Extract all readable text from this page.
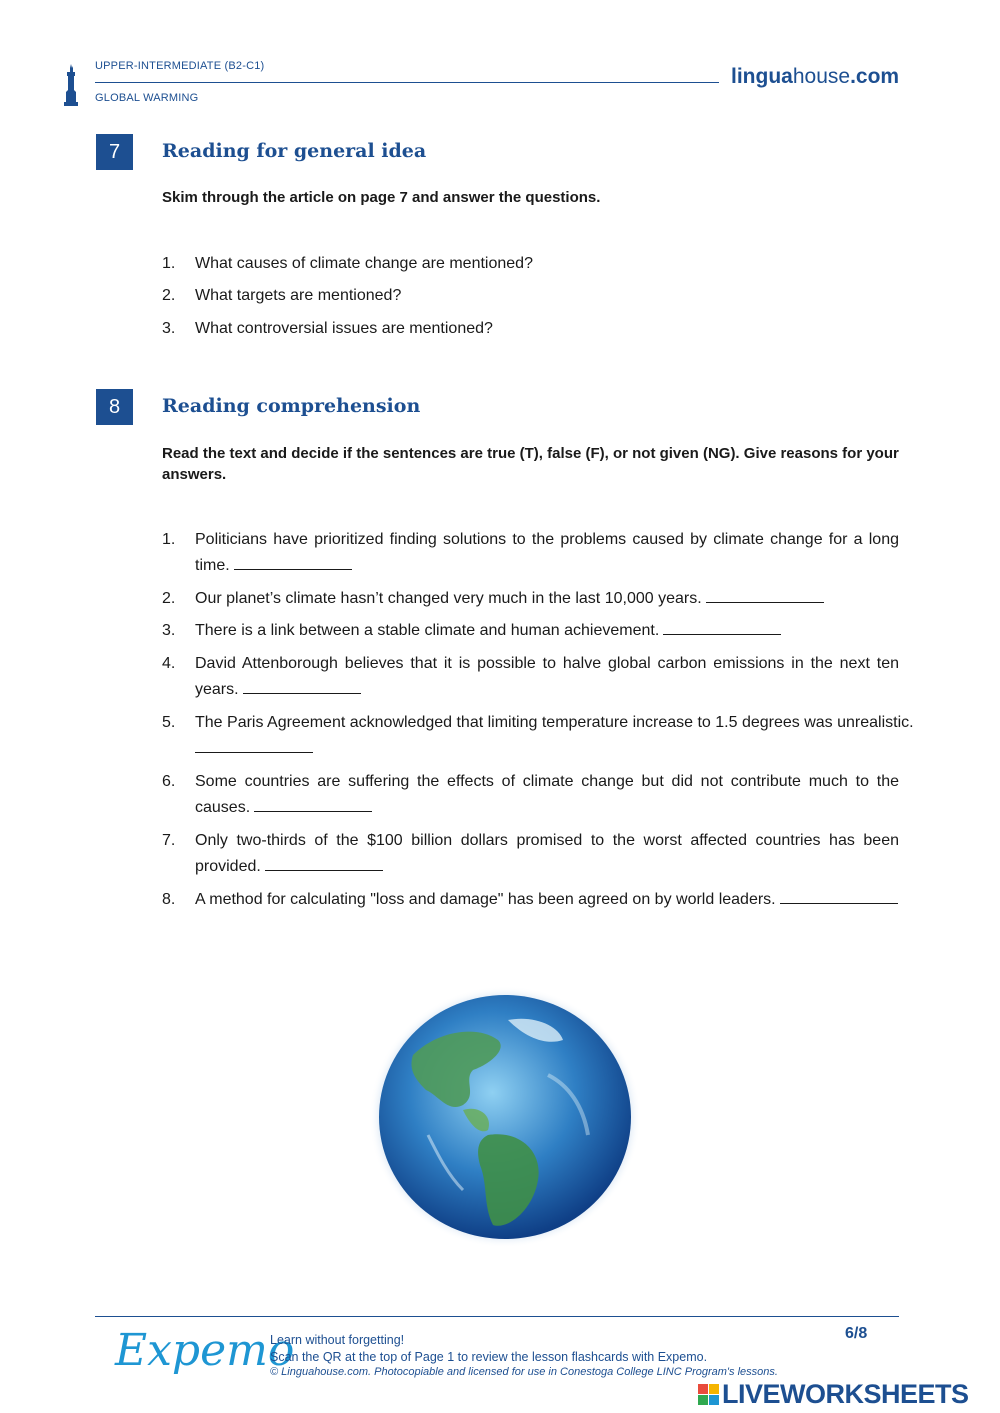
UPPER-INTERMEDIATE (B2-C1)
GLOBAL WARMING
linguahouse.com
7	Reading for general idea
Skim through the article on page 7 and answer the questions.
1.	What causes of climate change are mentioned?
2.	What targets are mentioned?
3.	What controversial issues are mentioned?
8	Reading comprehension
Read the text and decide if the sentences are true (T), false (F), or not given (NG). Give reasons for your answers.
1.	Politicians have prioritized finding solutions to the problems caused by climate change for a long time.
2.	Our planet’s climate hasn’t changed very much in the last 10,000 years.
3.	There is a link between a stable climate and human achievement.
4.	David Attenborough believes that it is possible to halve global carbon emissions in the next ten years.
5.	The Paris Agreement acknowledged that limiting temperature increase to 1.5 degrees was unrealistic.

6.	Some countries are suffering the effects of climate change but did not contribute much to the causes.
7.	Only two-thirds of the $100 billion dollars promised to the worst affected countries has been provided.
8.	A method for calculating "loss and damage" has been agreed on by world leaders.
Expemo
Learn without forgetting!
Scan the QR at the top of Page 1 to review the lesson flashcards with Expemo.
© Linguahouse.com. Photocopiable and licensed for use in Conestoga College LINC Program's lessons.
6/8
LIVEWORKSHEETS
